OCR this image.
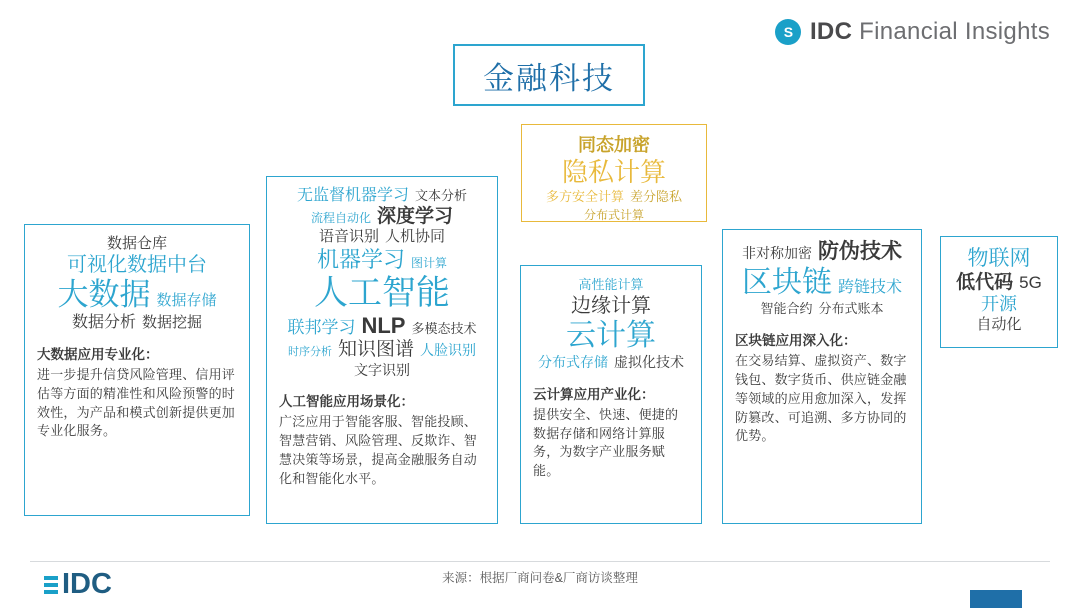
S IDC Financial Insights
金融科技
数据仓库可视化数据中台大数据 数据存储数据分析 数据挖掘
大数据应用专业化：
进一步提升信贷风险管理、信用评估等方面的精准性和风险预警的时效性，为产品和模式创新提供更加专业化服务。
无监督机器学习 文本分析流程自动化 深度学习语音识别 人机协同机器学习 图计算人工智能联邦学习 NLP 多模态技术时序分析 知识图谱 人脸识别文字识别
人工智能应用场景化：
广泛应用于智能客服、智能投顾、智慧营销、风险管理、反欺诈、智慧决策等场景，提高金融服务自动化和智能化水平。
高性能计算边缘计算云计算分布式存储 虚拟化技术
云计算应用产业化：
提供安全、快速、便捷的数据存储和网络计算服务，为数字产业服务赋能。
非对称加密 防伪技术区块链 跨链技术智能合约 分布式账本
区块链应用深入化：
在交易结算、虚拟资产、数字钱包、数字货币、供应链金融等领域的应用愈加深入，发挥防篡改、可追溯、多方协同的优势。
物联网低代码 5G开源自动化
同态加密隐私计算多方安全计算 差分隐私分布式计算
IDC	来源：根据厂商问卷&厂商访谈整理
